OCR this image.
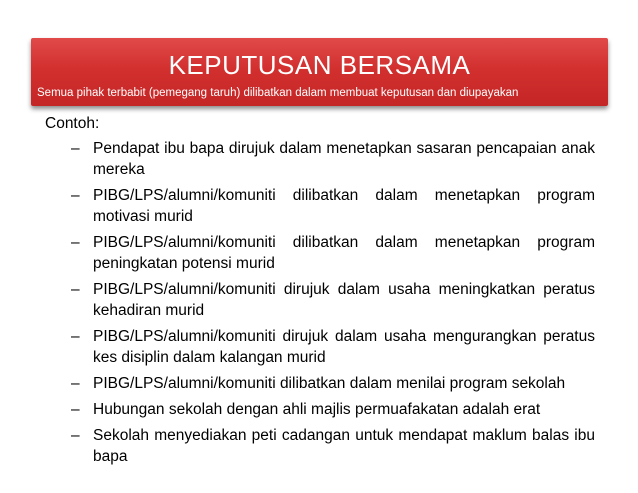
KEPUTUSAN BERSAMA
Semua pihak terbabit (pemegang taruh) dilibatkan dalam membuat keputusan dan diupayakan
Contoh:
– Pendapat ibu bapa dirujuk dalam menetapkan sasaran pencapaian anak mereka
– PIBG/LPS/alumni/komuniti dilibatkan dalam menetapkan program motivasi murid
– PIBG/LPS/alumni/komuniti dilibatkan dalam menetapkan program peningkatan potensi murid
– PIBG/LPS/alumni/komuniti dirujuk dalam usaha meningkatkan peratus kehadiran murid
– PIBG/LPS/alumni/komuniti dirujuk dalam usaha mengurangkan peratus kes disiplin dalam kalangan murid
– PIBG/LPS/alumni/komuniti dilibatkan dalam menilai program sekolah
– Hubungan sekolah dengan ahli majlis permuafakatan adalah erat
– Sekolah menyediakan peti cadangan untuk mendapat maklum balas ibu bapa
